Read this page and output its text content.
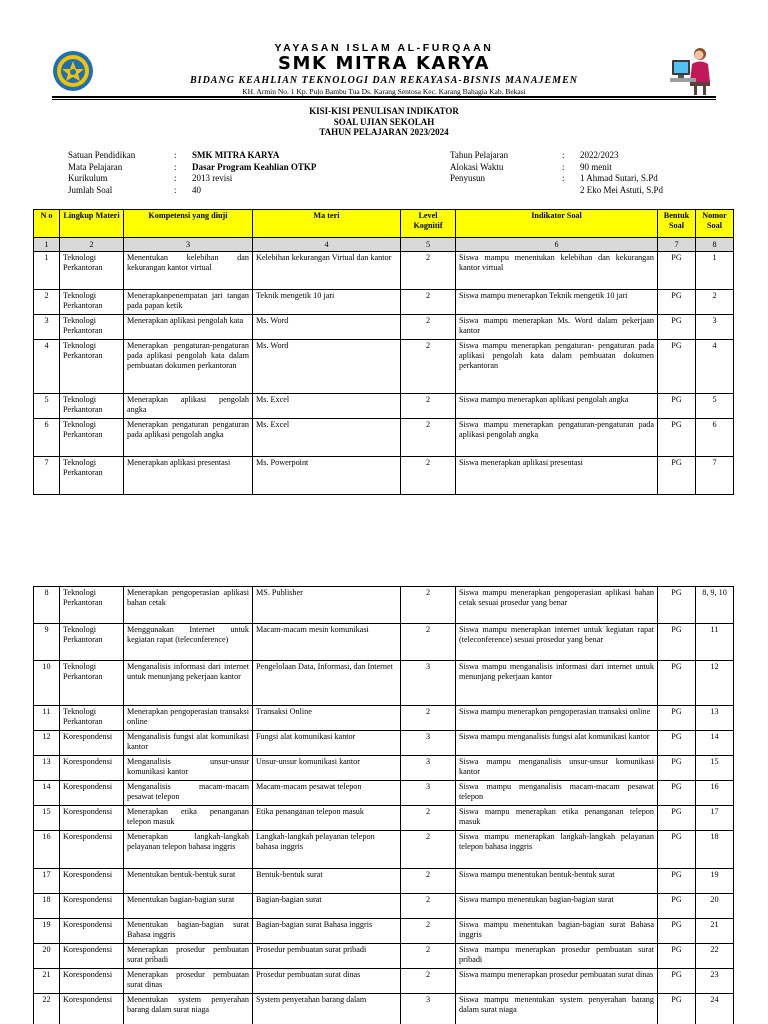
YAYASAN ISLAM AL-FURQAAN
SMK MITRA KARYA
BIDANG KEAHLIAN TEKNOLOGI DAN REKAYASA-BISNIS MANAJEMEN
KH. Armin No. 1 Kp. Pulo Bambu Tua Ds. Karang Sentosa Kec. Karang Bahagia Kab. Bekasi
KISI-KISI PENULISAN INDIKATOR
SOAL UJIAN SEKOLAH
TAHUN PELAJARAN 2023/2024
Satuan Pendidikan	:	SMK MITRA KARYA
Mata Pelajaran	:	Dasar Program Keahlian OTKP
Kurikulum	:	2013 revisi
Jumlah Soal	:	40
Tahun Pelajaran	:	2022/2023
Alokasi Waktu	:	90 menit
Penyusun	:	1 Ahmad Sutari, S.Pd
2 Eko Mei Astuti, S.Pd
N o	Lingkup Materi	Kompetensi yang diuji	Ma teri	Level Kognitif	Indikator Soal	Bentuk Soal	Nomor Soal
1	2	3	4	5	6	7	8
1	Teknologi Perkantoran	Menentukan kelebihan dan kekurangan kantor virtual	Kelebihan kekurangan Virtual dan kantor	2	Siswa mampu menentukan kelebihan dan kekurangan kantor virtual	PG	1
2	Teknologi Perkantoran	Menerapkanpenempatan jari tangan pada papan ketik	Teknik mengetik 10 jari	2	Siswa mampu menerapkan Teknik mengetik 10 jari	PG	2
3	Teknologi Perkantoran	Menerapkan aplikasi pengolah kata	Ms. Word	2	Siswa mampu menerapkan Ms. Word dalam pekerjaan kantor	PG	3
4	Teknologi Perkantoran	Menerapkan pengaturan-pengaturan pada aplikasi pengolah kata dalam pembuatan dokumen perkantoran	Ms. Word	2	Siswa mampu menerapkan pengaturan- pengaturan pada aplikasi pengolah kata dalam pembuatan dokumen perkantoran	PG	4
5	Teknologi Perkantoran	Menerapkan aplikasi pengolah angka	Ms. Excel	2	Siswa mampu menerapkan aplikasi pengolah angka	PG	5
6	Teknologi Perkantoran	Menerapkan pengaturan pengaturan pada aplikasi pengolah angka	Ms. Excel	2	Siswa mampu menerapkan pengaturan-pengaturan pada aplikasi pengolah angka	PG	6
7	Teknologi Perkantoran	Menerapkan aplikasi presentasi	Ms. Powerpoint	2	Siswa menerapkan aplikasi presentasi	PG	7
8	Teknologi Perkantoran	Menerapkan pengoperasian aplikasi bahan cetak	MS. Publisher	2	Siswa mampu menerapkan pengoperasian aplikasi bahan cetak sesuai prosedur yang benar	PG	8, 9, 10
9	Teknologi Perkantoran	Menggunakan Internet untuk kegiatan rapat (teleconference)	Macam-macam mesin komunikasi	2	Siswa mampu menerapkan internet untuk kegiatan rapat (teleconference) sesuai prosedur yang benar	PG	11
10	Teknologi Perkantoran	Menganalisis informasi dari internet untuk menunjang pekerjaan kantor	Pengelolaan Data, Informasi, dan Internet	3	Siswa mampu menganalisis informasi dari internet untuk menunjang pekerjaan kantor	PG	12
11	Teknologi Perkantoran	Menerapkan pengoperasian transaksi online	Transaksi Online	2	Siswa mampu menerapkan pengoperasian transaksi online	PG	13
12	Korespondensi	Menganalisis fungsi alat komunikasi kantor	Fungsi alat komunikasi kantor	3	Siswa mampu menganalisis fungsi alat komunikasi kantor	PG	14
13	Korespondensi	Menganalisis unsur-unsur komunikasi kantor	Unsur-unsur komunikasi kantor	3	Siswa mampu menganalisis unsur-unsur komunikasi kantor	PG	15
14	Korespondensi	Menganalisis macam-macam pesawat telepon	Macam-macam pesawat telepon	3	Siswa mampu menganalisis macam-macam pesawat telepon	PG	16
15	Korespondensi	Menerapkan etika penanganan telepon masuk	Etika penanganan telepon masuk	2	Siswa mampu menerapkan etika penanganan telepon masuk	PG	17
16	Korespondensi	Menerapkan langkah-langkah pelayanan telepon bahasa inggris	Langkah-langkah pelayanan telepon bahasa inggris	2	Siswa mampu menerapkan langkah-langkah pelayanan telepon bahasa inggris	PG	18
17	Korespondensi	Menentukan bentuk-bentuk surat	Bentuk-bentuk surat	2	Siswa mampu menentukan bentuk-bentuk surat	PG	19
18	Korespondensi	Menentukan bagian-bagian surat	Bagian-bagian surat	2	Siswa mampu menentukan bagian-bagian surat	PG	20
19	Korespondensi	Menentukan bagian-bagian surat Bahasa inggris	Bagian-bagian surat Bahasa inggris	2	Siswa mampu menentukan bagian-bagian surat Bahasa inggris	PG	21
20	Korespondensi	Menerapkan prosedur pembuatan surat pribadi	Prosedur pembuatan surat pribadi	2	Siswa mampu menerapkan prosedur pembuatan surat pribadi	PG	22
21	Korespondensi	Menerapkan prosedur pembuatan surat dinas	Prosedur pembuatan surat dinas	2	Siswa mampu menerapkan prosedur pembuatan surat dinas	PG	23
22	Korespondensi	Menentukan system penyerahan barang dalam surat niaga	System penyerahan barang dalam	3	Siswa mampu menentukan system penyerahan barang dalam surat niaga	PG	24
